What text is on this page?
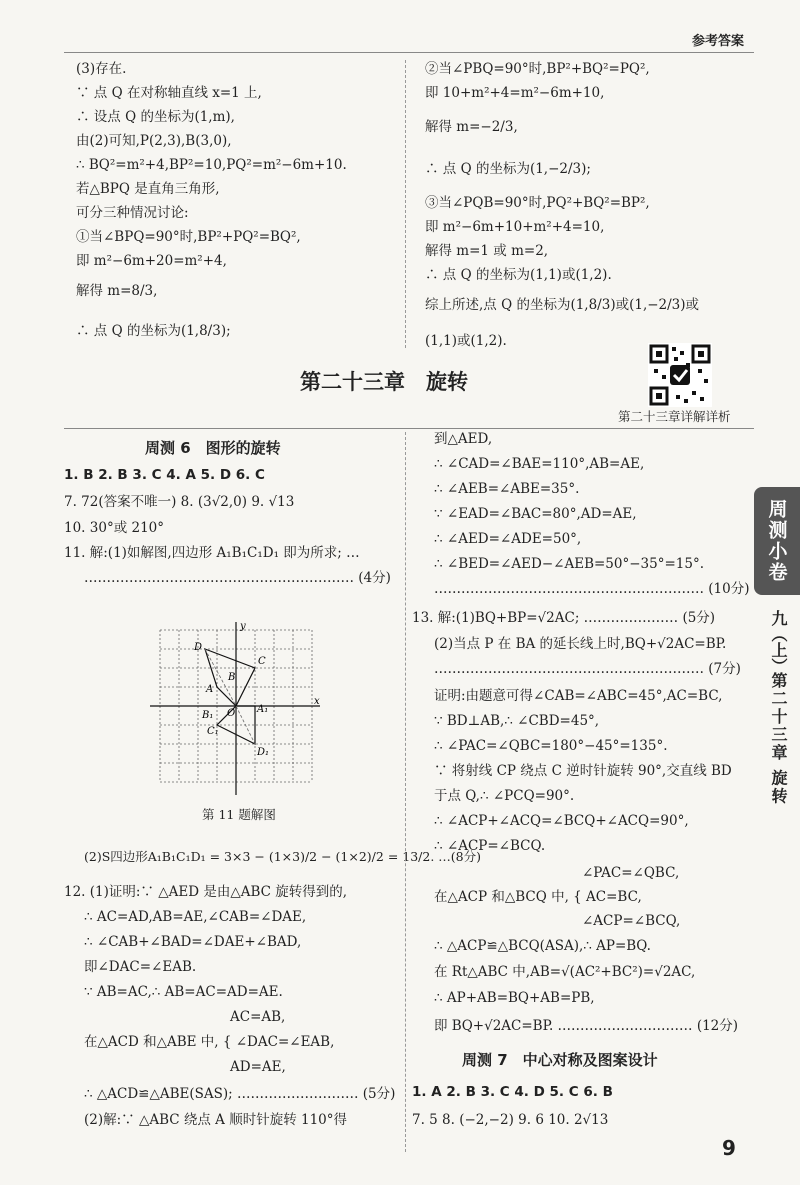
参考答案
(3)存在.
∵ 点 Q 在对称轴直线 x=1 上,
∴ 设点 Q 的坐标为(1,m),
由(2)可知,P(2,3),B(3,0),
∴ BQ²=m²+4,BP²=10,PQ²=m²−6m+10.
若△BPQ 是直角三角形,
可分三种情况讨论:
①当∠BPQ=90°时,BP²+PQ²=BQ²,
即 m²−6m+20=m²+4,
解得 m=8/3,
∴ 点 Q 的坐标为(1,8/3);
②当∠PBQ=90°时,BP²+BQ²=PQ²,
即 10+m²+4=m²−6m+10,
解得 m=−2/3,
∴ 点 Q 的坐标为(1,−2/3);
③当∠PQB=90°时,PQ²+BQ²=BP²,
即 m²−6m+10+m²+4=10,
解得 m=1 或 m=2,
∴ 点 Q 的坐标为(1,1)或(1,2).
综上所述,点 Q 的坐标为(1,8/3)或(1,−2/3)或
(1,1)或(1,2).
第二十三章　旋转
第二十三章详解详析
周测 6　图形的旋转
1. B 2. B 3. C 4. A 5. D 6. C
7. 72(答案不唯一) 8. (3√2,0) 9. √13
10. 30°或 210°
11. 解:(1)如解图,四边形 A₁B₁C₁D₁ 即为所求; …
…………………………………………………… (4分)
y
x
O
A
A₁
B
B₁
C
C₁
D
D₁
第 11 题解图
(2)S四边形A₁B₁C₁D₁ = 3×3 − (1×3)/2 − (1×2)/2 = 13/2. …(8分)
12. (1)证明:∵ △AED 是由△ABC 旋转得到的,
∴ AC=AD,AB=AE,∠CAB=∠DAE,
∴ ∠CAB+∠BAD=∠DAE+∠BAD,
即∠DAC=∠EAB.
∵ AB=AC,∴ AB=AC=AD=AE.
AC=AB,
在△ACD 和△ABE 中, { ∠DAC=∠EAB,
AD=AE,
∴ △ACD≌△ABE(SAS); ……………………… (5分)
(2)解:∵ △ABC 绕点 A 顺时针旋转 110°得
到△AED,
∴ ∠CAD=∠BAE=110°,AB=AE,
∴ ∠AEB=∠ABE=35°.
∵ ∠EAD=∠BAC=80°,AD=AE,
∴ ∠AED=∠ADE=50°,
∴ ∠BED=∠AED−∠AEB=50°−35°=15°.
…………………………………………………… (10分)
13. 解:(1)BQ+BP=√2AC; ………………… (5分)
(2)当点 P 在 BA 的延长线上时,BQ+√2AC=BP.
…………………………………………………… (7分)
证明:由题意可得∠CAB=∠ABC=45°,AC=BC,
∵ BD⊥AB,∴ ∠CBD=45°,
∴ ∠PAC=∠QBC=180°−45°=135°.
∵ 将射线 CP 绕点 C 逆时针旋转 90°,交直线 BD
于点 Q,∴ ∠PCQ=90°.
∴ ∠ACP+∠ACQ=∠BCQ+∠ACQ=90°,
∴ ∠ACP=∠BCQ.
∠PAC=∠QBC,
在△ACP 和△BCQ 中, { AC=BC,
∠ACP=∠BCQ,
∴ △ACP≌△BCQ(ASA),∴ AP=BQ.
在 Rt△ABC 中,AB=√(AC²+BC²)=√2AC,
∴ AP+AB=BQ+AB=PB,
即 BQ+√2AC=BP. ………………………… (12分)
周测 7　中心对称及图案设计
1. A 2. B 3. C 4. D 5. C 6. B
7. 5 8. (−2,−2) 9. 6 10. 2√13
周测小卷
九（上）
第二十三章 旋转
9
